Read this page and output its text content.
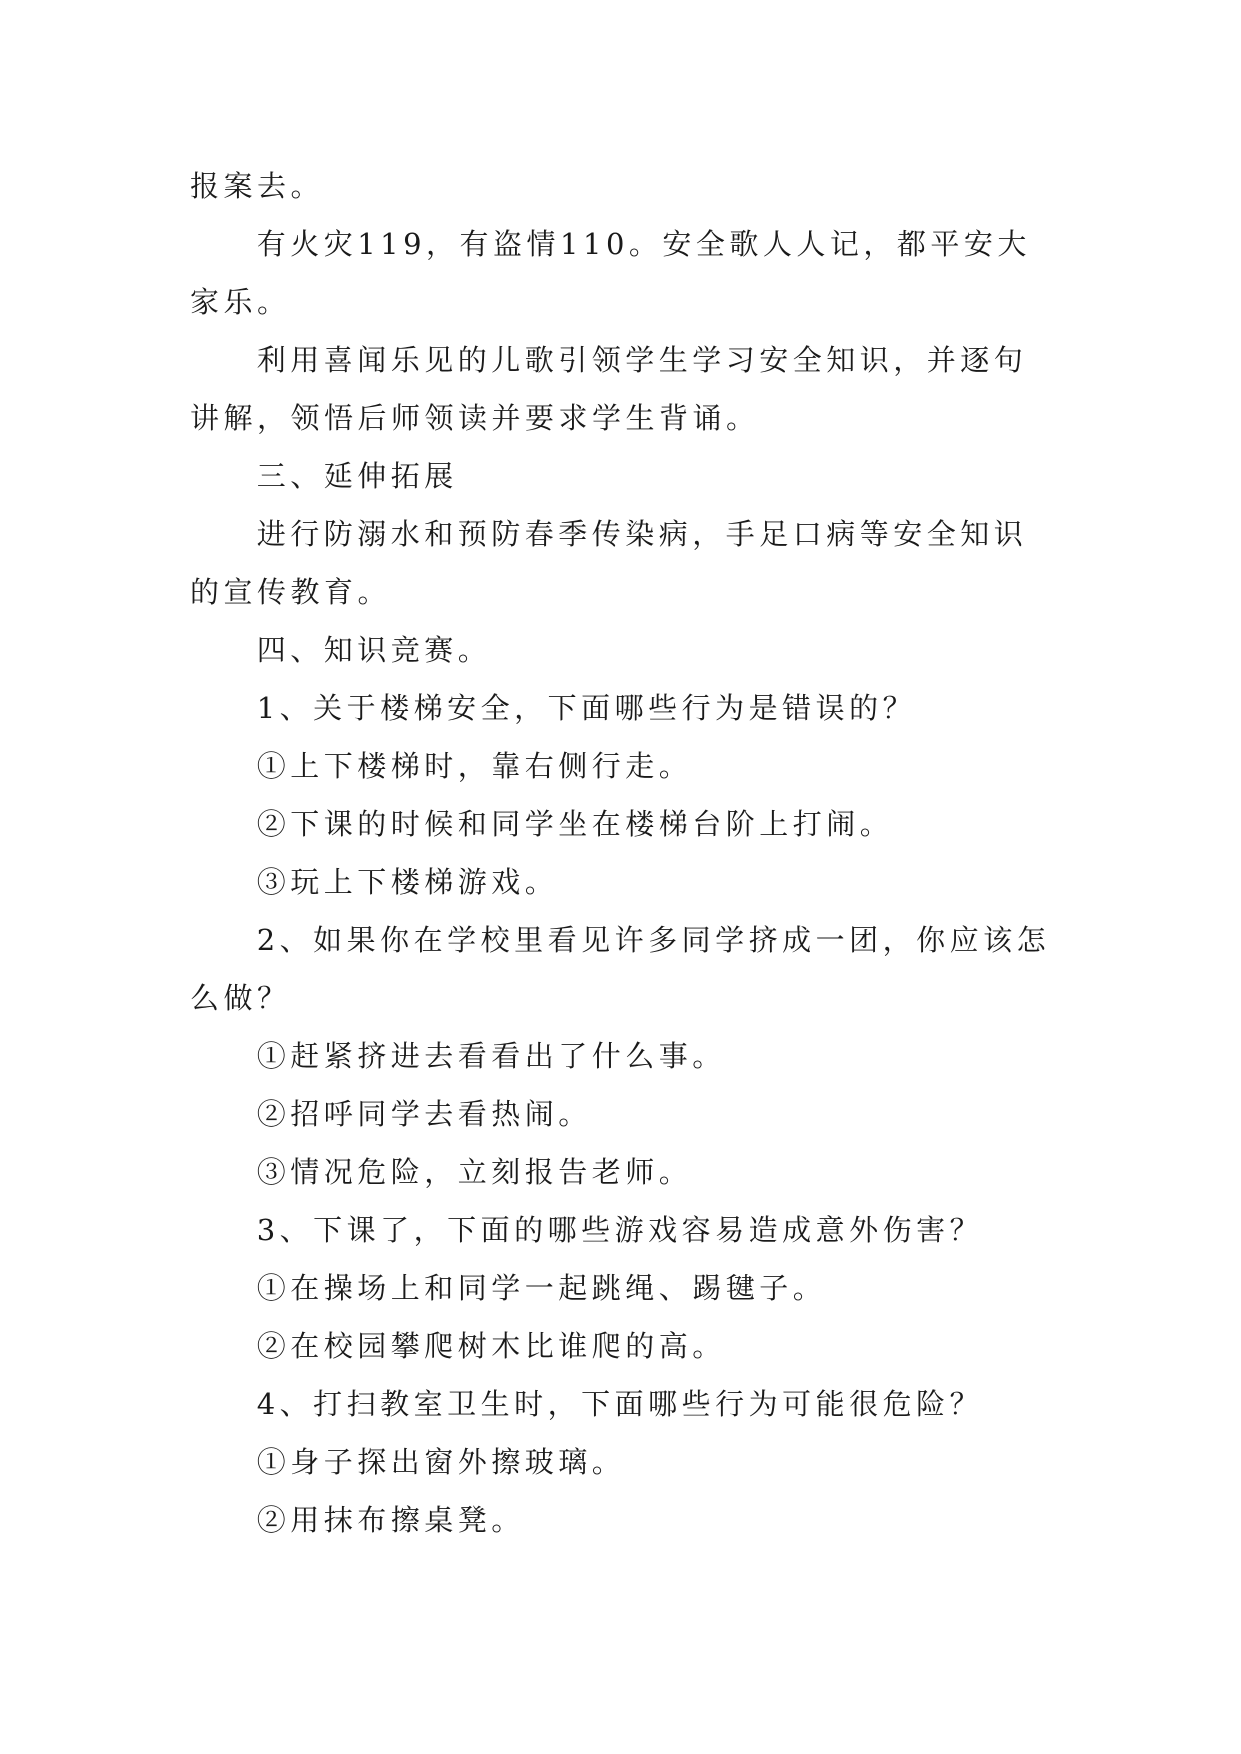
报案去。

有火灾119，有盗情110。安全歌人人记，都平安大家乐。

利用喜闻乐见的儿歌引领学生学习安全知识，并逐句讲解，领悟后师领读并要求学生背诵。

三、延伸拓展

进行防溺水和预防春季传染病，手足口病等安全知识的宣传教育。

四、知识竞赛。

1、关于楼梯安全，下面哪些行为是错误的？

①上下楼梯时，靠右侧行走。

②下课的时候和同学坐在楼梯台阶上打闹。

③玩上下楼梯游戏。

2、如果你在学校里看见许多同学挤成一团，你应该怎么做？

①赶紧挤进去看看出了什么事。

②招呼同学去看热闹。

③情况危险，立刻报告老师。

3、下课了，下面的哪些游戏容易造成意外伤害？

①在操场上和同学一起跳绳、踢毽子。

②在校园攀爬树木比谁爬的高。

4、打扫教室卫生时，下面哪些行为可能很危险？

①身子探出窗外擦玻璃。

②用抹布擦桌凳。
